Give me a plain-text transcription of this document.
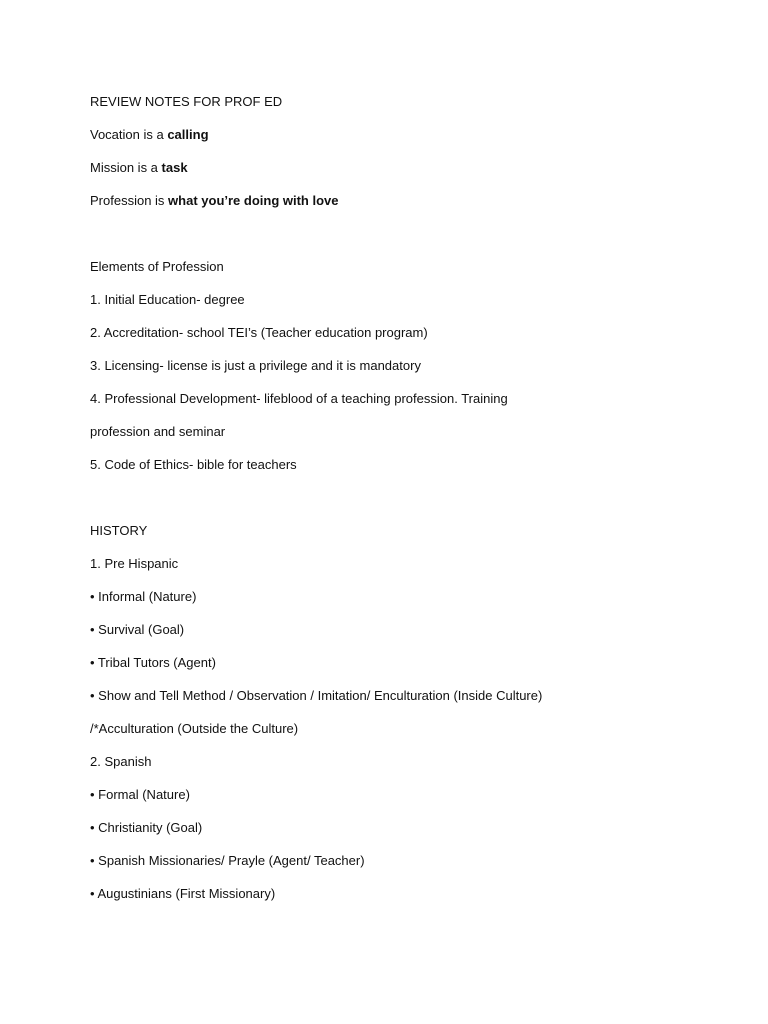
REVIEW NOTES FOR PROF ED
Vocation is a calling
Mission is a task
Profession is what you’re doing with love
Elements of Profession
1. Initial Education- degree
2. Accreditation- school TEI’s (Teacher education program)
3. Licensing- license is just a privilege and it is mandatory
4. Professional Development- lifeblood of a teaching profession. Training
profession and seminar
5. Code of Ethics- bible for teachers
HISTORY
1. Pre Hispanic
• Informal (Nature)
• Survival (Goal)
• Tribal Tutors (Agent)
• Show and Tell Method / Observation / Imitation/ Enculturation (Inside Culture)
/*Acculturation (Outside the Culture)
2. Spanish
• Formal (Nature)
• Christianity (Goal)
• Spanish Missionaries/ Prayle (Agent/ Teacher)
• Augustinians (First Missionary)
